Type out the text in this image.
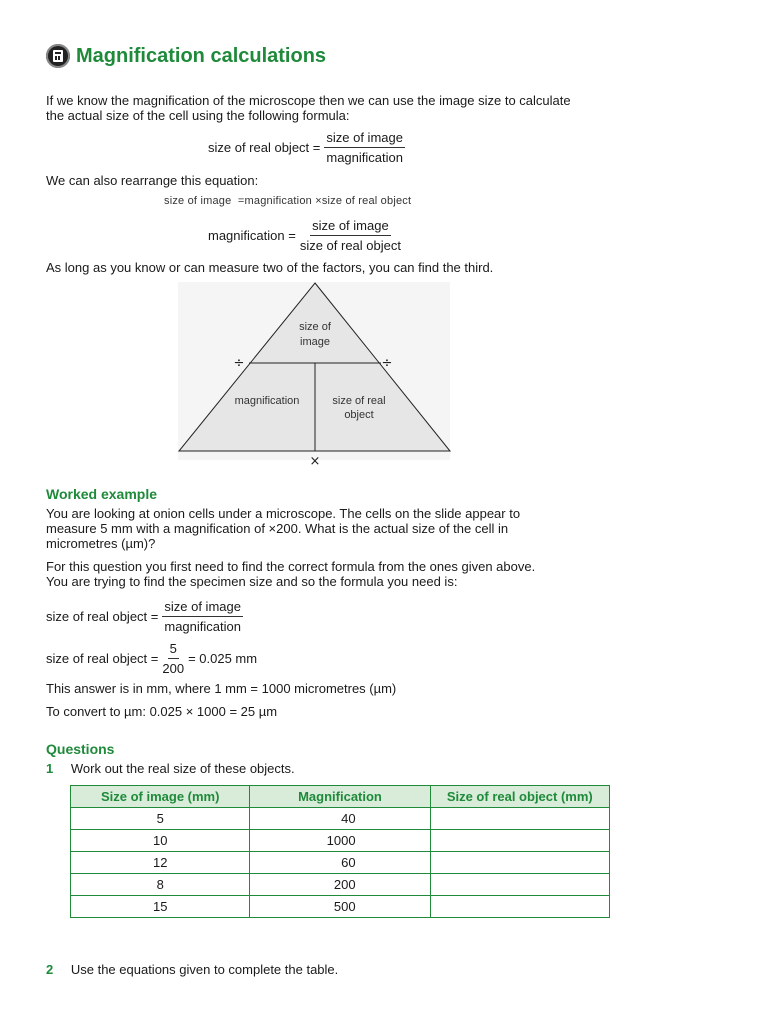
Magnification calculations

If we know the magnification of the microscope then we can use the image size to calculate the actual size of the cell using the following formula:

size of real object = $\frac{\text{size of image}}{\text{magnification}}$

We can also rearrange this equation:

size of image  =magnification ×size of real object
magnification = $\frac{\text{size of image}}{\text{size of real object}}$

As long as you know or can measure two of the factors, you can find the third.

size of
image
magnification	size of real
object
÷	÷
×
Worked example

You are looking at onion cells under a microscope. The cells on the slide appear to

measure 5 mm with a magnification of ×200. What is the actual size of the cell in

micrometres (µm)?

For this question you first need to find the correct formula from the ones given above.

You are trying to find the specimen size and so the formula you need is:

size of real object = $\frac{\text{size of image}}{\text{magnification}}$
size of real object = $\frac{5}{200} = 0.025$ mm

This answer is in mm, where 1 mm = 1000 micrometres (µm)

To convert to µm: 0.025 × 1000 = 25 µm

Questions
1 Work out the real size of these objects.
Size of image (mm)	Magnification	Size of real object (mm)
5	40	
10	1000	
12	60	
8	200	
15	500	
2 Use the equations given to complete the table.
